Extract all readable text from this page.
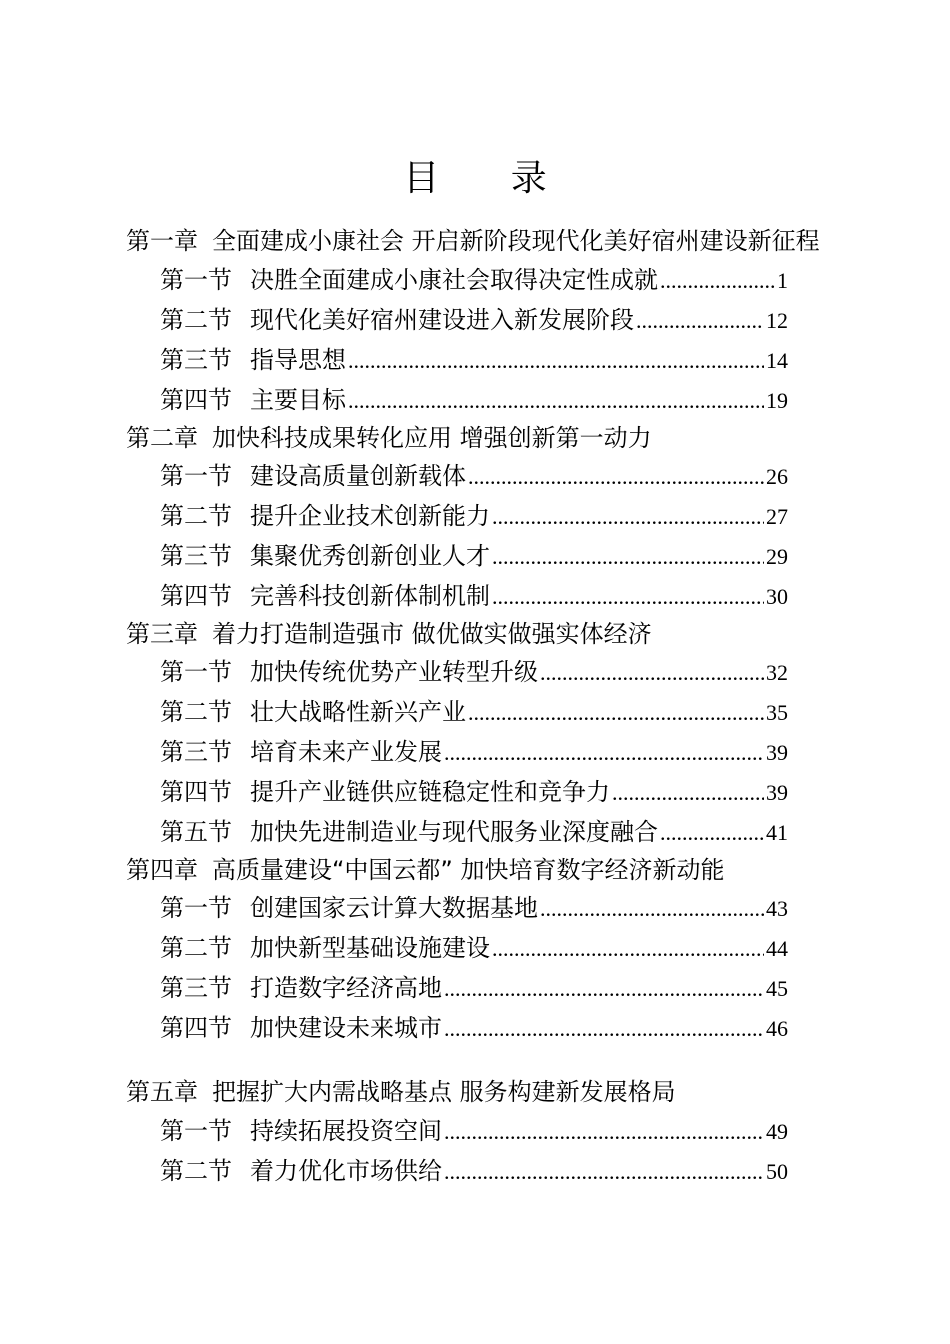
目 录
第一章 全面建成小康社会 开启新阶段现代化美好宿州建设新征程
第一节 决胜全面建成小康社会取得决定性成就 .....	1
第二节 现代化美好宿州建设进入新发展阶段 .....	12
第三节 指导思想 .....	14
第四节 主要目标 .....	19
第二章 加快科技成果转化应用 增强创新第一动力
第一节 建设高质量创新载体 .....	26
第二节 提升企业技术创新能力 .....	27
第三节 集聚优秀创新创业人才 .....	29
第四节 完善科技创新体制机制 .....	30
第三章 着力打造制造强市 做优做实做强实体经济
第一节 加快传统优势产业转型升级 .....	32
第二节 壮大战略性新兴产业 .....	35
第三节 培育未来产业发展 .....	39
第四节 提升产业链供应链稳定性和竞争力 .....	39
第五节 加快先进制造业与现代服务业深度融合 .....	41
第四章 高质量建设“中国云都” 加快培育数字经济新动能
第一节 创建国家云计算大数据基地 .....	43
第二节 加快新型基础设施建设 .....	44
第三节 打造数字经济高地 .....	45
第四节 加快建设未来城市 .....	46
第五章 把握扩大内需战略基点 服务构建新发展格局
第一节 持续拓展投资空间 .....	49
第二节 着力优化市场供给 .....	50
